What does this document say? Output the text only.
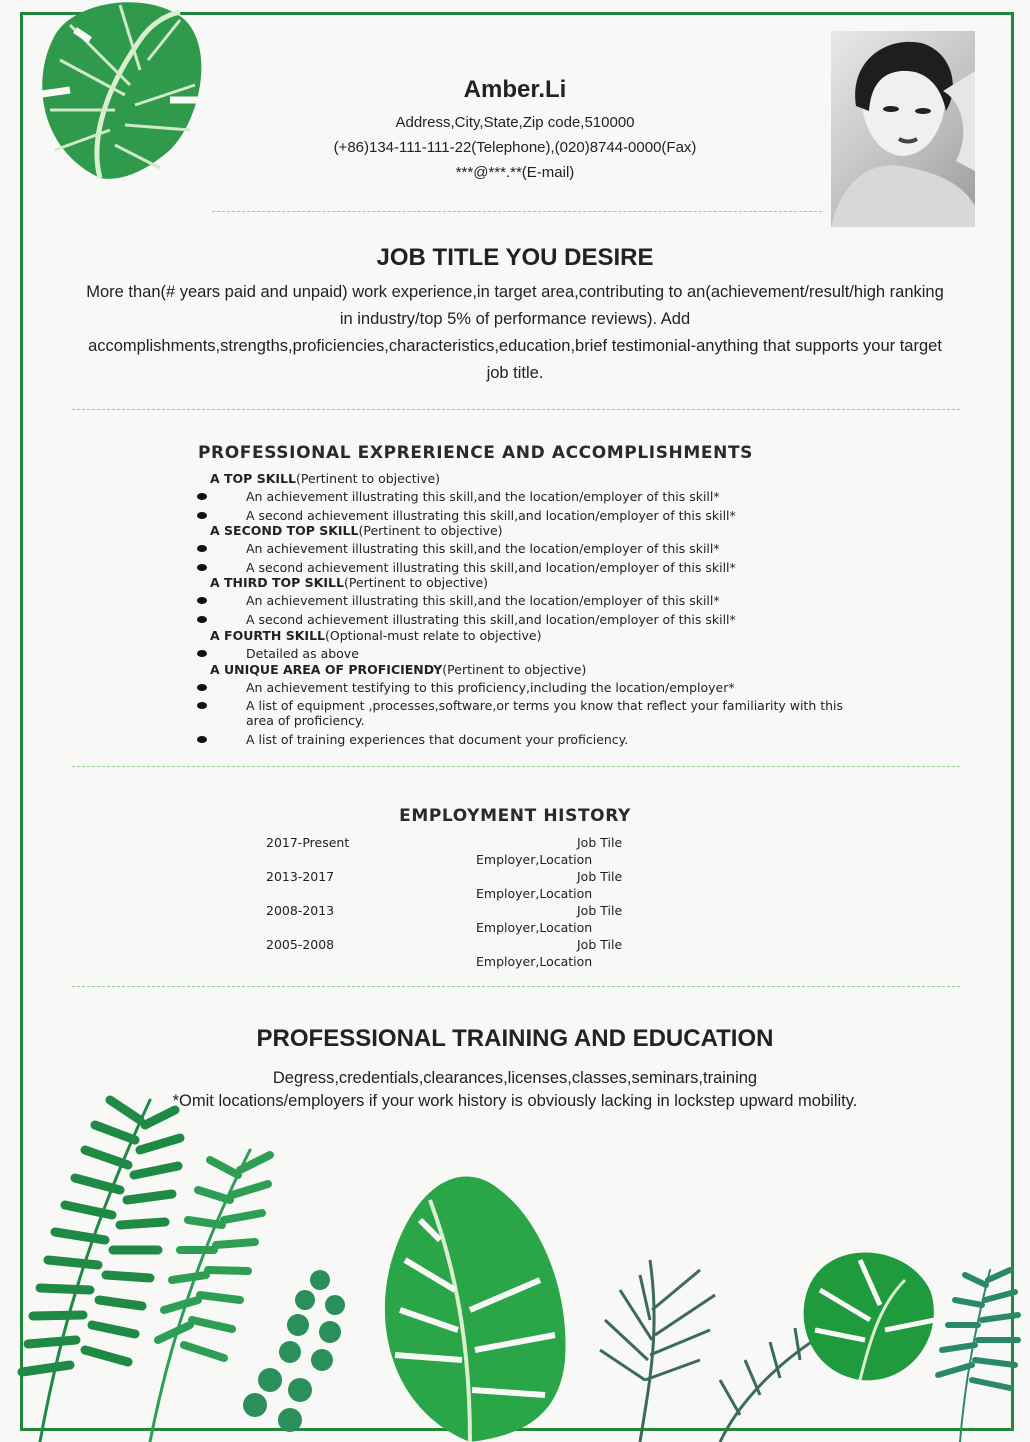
Amber.Li
Address,City,State,Zip code,510000
(+86)134-111-111-22(Telephone),(020)8744-0000(Fax)
***@***.**(E-mail)
JOB TITLE YOU DESIRE
More than(# years paid and unpaid) work experience,in target area,contributing to an(achievement/result/high ranking
in industry/top 5% of performance reviews). Add
accomplishments,strengths,proficiencies,characteristics,education,brief testimonial-anything that supports your target
job title.
PROFESSIONAL EXPRERIENCE AND ACCOMPLISHMENTS
A TOP SKILL(Pertinent to objective)
An achievement illustrating this skill,and the location/employer of this skill*
A second achievement illustrating this skill,and location/employer of this skill*
A SECOND TOP SKILL(Pertinent to objective)
An achievement illustrating this skill,and the location/employer of this skill*
A second achievement illustrating this skill,and location/employer of this skill*
A THIRD TOP SKILL(Pertinent to objective)
An achievement illustrating this skill,and the location/employer of this skill*
A second achievement illustrating this skill,and location/employer of this skill*
A FOURTH SKILL(Optional-must relate to objective)
Detailed as above
A UNIQUE AREA OF PROFICIENDY(Pertinent to objective)
An achievement testifying to this proficiency,including the location/employer*
A list of equipment ,processes,software,or terms you know that reflect your familiarity with this area of proficiency.
A list of training experiences that document your proficiency.
EMPLOYMENT HISTORY
2017-Present	Job Tile
Employer,Location
2013-2017	Job Tile
Employer,Location
2008-2013	Job Tile
Employer,Location
2005-2008	Job Tile
Employer,Location
PROFESSIONAL TRAINING AND EDUCATION
Degress,credentials,clearances,licenses,classes,seminars,training
*Omit locations/employers if your work history is obviously lacking in lockstep upward mobility.
